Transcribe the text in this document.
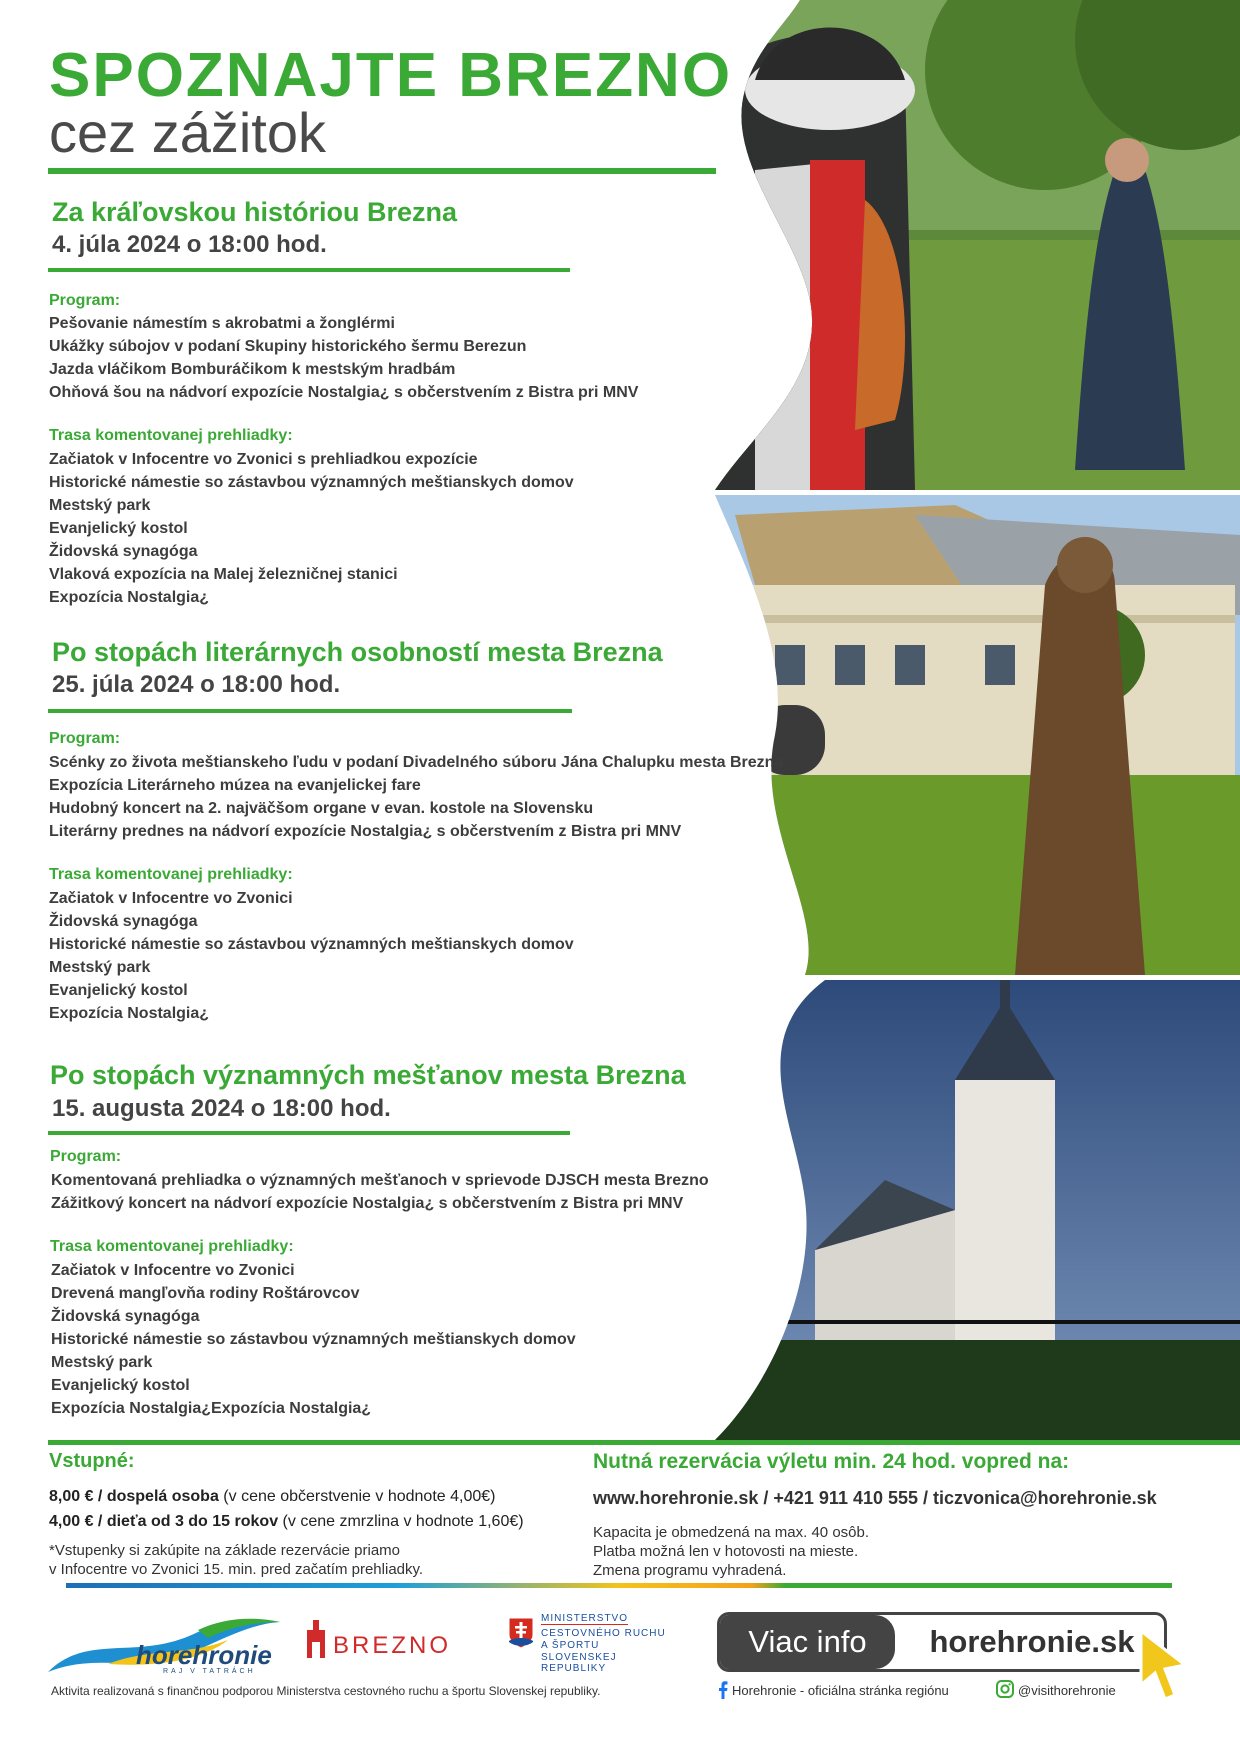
SPOZNAJTE BREZNO
cez zážitok
Za kráľovskou históriou Brezna
4. júla 2024 o 18:00 hod.
Program:
Pešovanie námestím s akrobatmi a žonglérmi
Ukážky súbojov v podaní Skupiny historického šermu Berezun
Jazda vláčikom Bomburáčikom k mestským hradbám
Ohňová šou na nádvorí expozície Nostalgia¿ s občerstvením z Bistra pri MNV
Trasa komentovanej prehliadky:
Začiatok v Infocentre vo Zvonici s prehliadkou expozície
Historické námestie so zástavbou významných meštianskych domov
Mestský park
Evanjelický kostol
Židovská synagóga
Vlaková expozícia na Malej železničnej stanici
Expozícia Nostalgia¿
Po stopách literárnych osobností mesta Brezna
25. júla 2024 o 18:00 hod.
Program:
Scénky zo života meštianskeho ľudu v podaní Divadelného súboru Jána Chalupku mesta Brezna
Expozícia Literárneho múzea na evanjelickej fare
Hudobný koncert na 2. najväčšom organe v evan. kostole na Slovensku
Literárny prednes na nádvorí expozície Nostalgia¿ s občerstvením z Bistra pri MNV
Trasa komentovanej prehliadky:
Začiatok v Infocentre vo Zvonici
Židovská synagóga
Historické námestie so zástavbou významných meštianskych domov
Mestský park
Evanjelický kostol
Expozícia Nostalgia¿
Po stopách významných mešťanov mesta Brezna
15. augusta 2024 o 18:00 hod.
Program:
Komentovaná prehliadka o významných mešťanoch v sprievode DJSCH mesta Brezno
Zážitkový koncert na nádvorí expozície Nostalgia¿ s občerstvením z Bistra pri MNV
Trasa komentovanej prehliadky:
Začiatok v Infocentre vo Zvonici
Drevená mangľovňa rodiny Roštárovcov
Židovská synagóga
Historické námestie so zástavbou významných meštianskych domov
Mestský park
Evanjelický kostol
Expozícia Nostalgia¿Expozícia Nostalgia¿
Vstupné:
8,00 € / dospelá osoba (v cene občerstvenie v hodnote 4,00€)
4,00 € / dieťa od 3 do 15 rokov (v cene zmrzlina v hodnote 1,60€)
*Vstupenky si zakúpite na základe rezervácie priamo
v Infocentre vo Zvonici 15. min. pred začatím prehliadky.
Nutná rezervácia výletu min. 24 hod. vopred na:
www.horehronie.sk / +421 911 410 555 / ticzvonica@horehronie.sk
Kapacita je obmedzená na max. 40 osôb.
Platba možná len v hotovosti na mieste.
Zmena programu vyhradená.
horehronie
RAJ V TATRÁCH
BREZNO
MINISTERSTVO
CESTOVNÉHO RUCHU
A ŠPORTU
SLOVENSKEJ REPUBLIKY
Viac info	horehronie.sk
Aktivita realizovaná s finančnou podporou Ministerstva cestovného ruchu a športu Slovenskej republiky.	Horehronie - oficiálna stránka regiónu	@visithorehronie
